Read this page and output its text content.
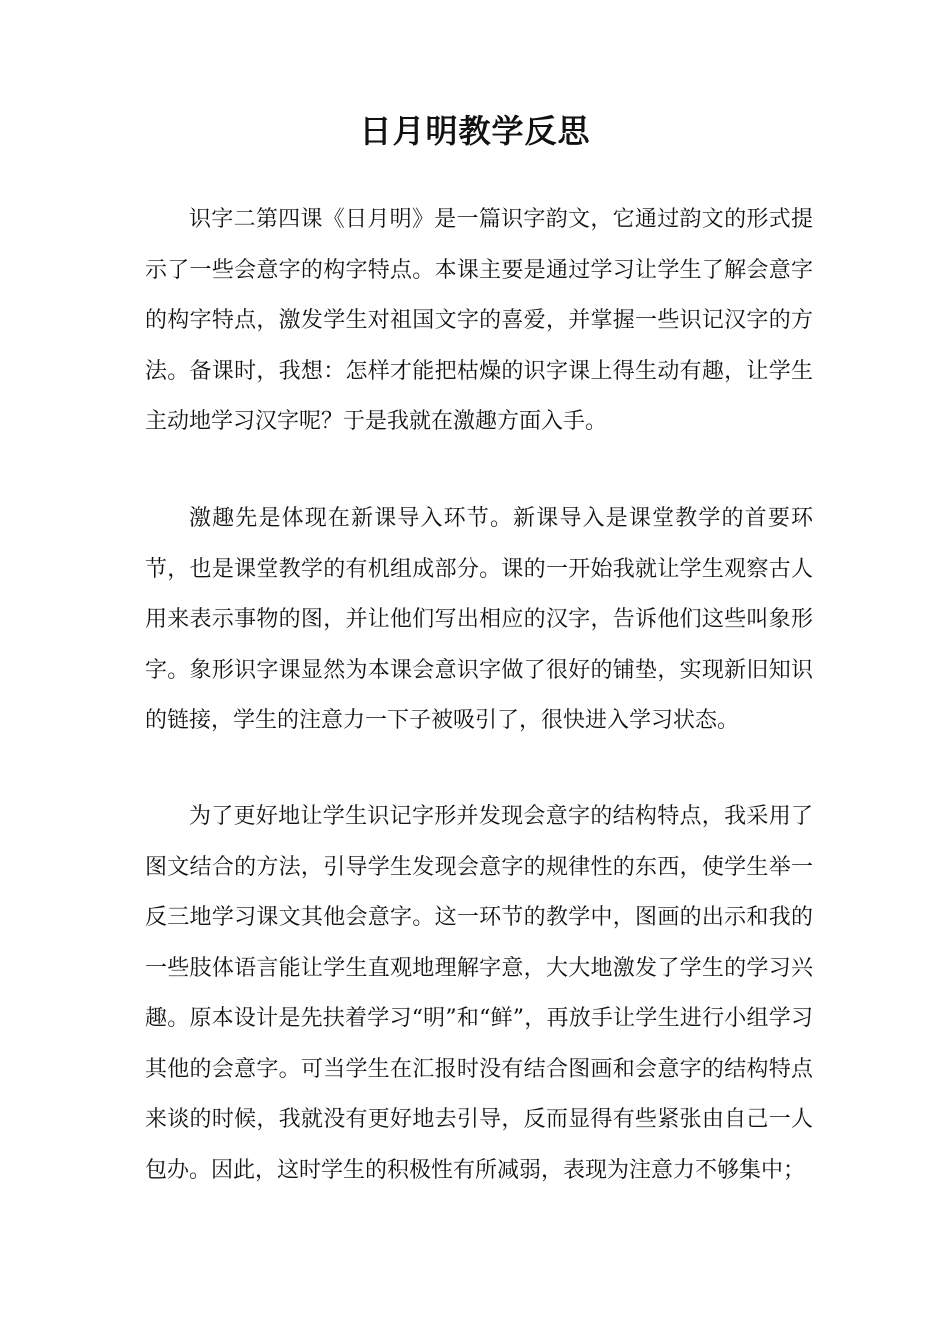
日月明教学反思

识字二第四课《日月明》是一篇识字韵文，它通过韵文的形式提示了一些会意字的构字特点。本课主要是通过学习让学生了解会意字的构字特点，激发学生对祖国文字的喜爱，并掌握一些识记汉字的方法。备课时，我想：怎样才能把枯燥的识字课上得生动有趣，让学生主动地学习汉字呢？于是我就在激趣方面入手。

激趣先是体现在新课导入环节。新课导入是课堂教学的首要环节，也是课堂教学的有机组成部分。课的一开始我就让学生观察古人用来表示事物的图，并让他们写出相应的汉字，告诉他们这些叫象形字。象形识字课显然为本课会意识字做了很好的铺垫，实现新旧知识的链接，学生的注意力一下子被吸引了，很快进入学习状态。

为了更好地让学生识记字形并发现会意字的结构特点，我采用了图文结合的方法，引导学生发现会意字的规律性的东西，使学生举一反三地学习课文其他会意字。这一环节的教学中，图画的出示和我的一些肢体语言能让学生直观地理解字意，大大地激发了学生的学习兴趣。原本设计是先扶着学习“明”和“鲜”，再放手让学生进行小组学习其他的会意字。可当学生在汇报时没有结合图画和会意字的结构特点来谈的时候，我就没有更好地去引导，反而显得有些紧张由自己一人包办。因此，这时学生的积极性有所减弱，表现为注意力不够集中；
